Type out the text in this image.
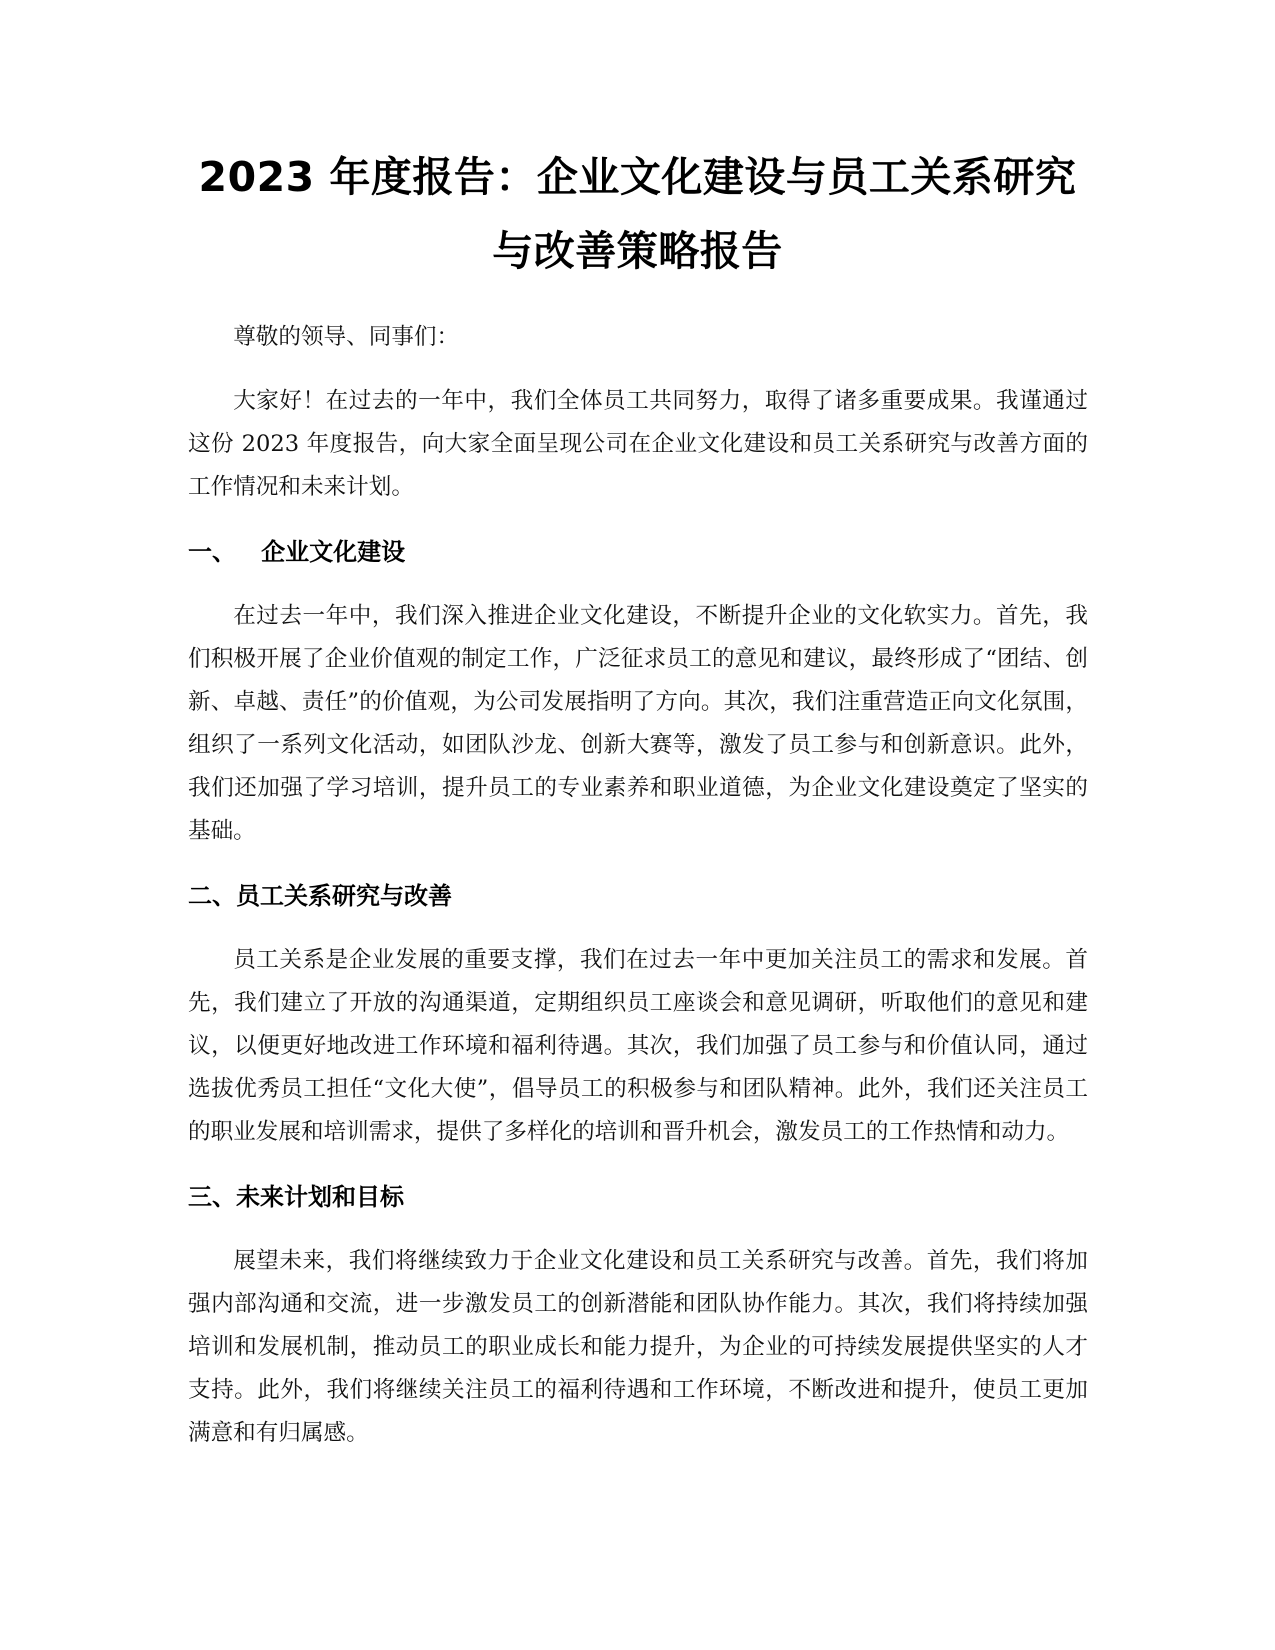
2023 年度报告：企业文化建设与员工关系研究与改善策略报告

尊敬的领导、同事们：

大家好！在过去的一年中，我们全体员工共同努力，取得了诸多重要成果。我谨通过这份 2023 年度报告，向大家全面呈现公司在企业文化建设和员工关系研究与改善方面的工作情况和未来计划。

一、   企业文化建设

在过去一年中，我们深入推进企业文化建设，不断提升企业的文化软实力。首先，我们积极开展了企业价值观的制定工作，广泛征求员工的意见和建议，最终形成了“团结、创新、卓越、责任”的价值观，为公司发展指明了方向。其次，我们注重营造正向文化氛围，组织了一系列文化活动，如团队沙龙、创新大赛等，激发了员工参与和创新意识。此外，我们还加强了学习培训，提升员工的专业素养和职业道德，为企业文化建设奠定了坚实的基础。

二、员工关系研究与改善

员工关系是企业发展的重要支撑，我们在过去一年中更加关注员工的需求和发展。首先，我们建立了开放的沟通渠道，定期组织员工座谈会和意见调研，听取他们的意见和建议，以便更好地改进工作环境和福利待遇。其次，我们加强了员工参与和价值认同，通过选拔优秀员工担任“文化大使”，倡导员工的积极参与和团队精神。此外，我们还关注员工的职业发展和培训需求，提供了多样化的培训和晋升机会，激发员工的工作热情和动力。

三、未来计划和目标

展望未来，我们将继续致力于企业文化建设和员工关系研究与改善。首先，我们将加强内部沟通和交流，进一步激发员工的创新潜能和团队协作能力。其次，我们将持续加强培训和发展机制，推动员工的职业成长和能力提升，为企业的可持续发展提供坚实的人才支持。此外，我们将继续关注员工的福利待遇和工作环境，不断改进和提升，使员工更加满意和有归属感。
